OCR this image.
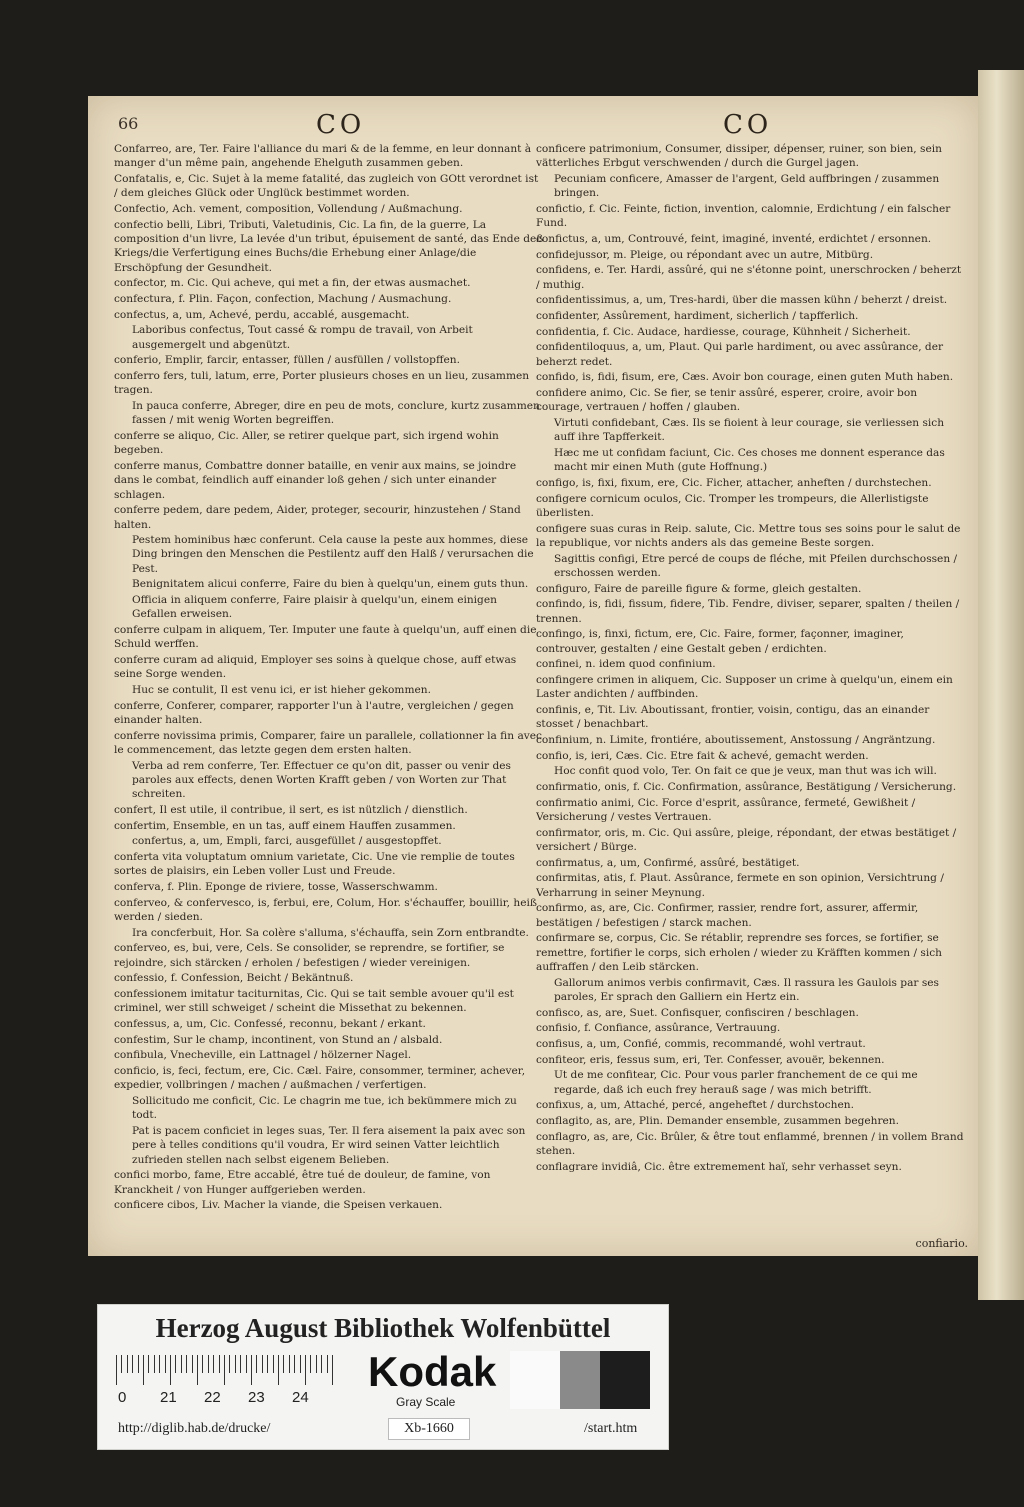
66	CO	CO

Confarreo, are, Ter. Faire l'alliance du mari & de la femme, en leur donnant à manger d'un même pain, angehende Ehelguth zusammen geben.

Confatalis, e, Cic. Sujet à la meme fatalité, das zugleich von GOtt verordnet ist / dem gleiches Glück oder Unglück bestimmet worden.

Confectio, Ach. vement, composition, Vollendung / Außmachung.

confectio belli, Libri, Tributi, Valetudinis, Cic. La fin, de la guerre, La composition d'un livre, La levée d'un tribut, épuisement de santé, das Ende deß Kriegs/die Verfertigung eines Buchs/die Erhebung einer Anlage/die Erschöpfung der Gesundheit.

confector, m. Cic. Qui acheve, qui met a fin, der etwas ausmachet.

confectura, f. Plin. Façon, confection, Machung / Ausmachung.

confectus, a, um, Achevé, perdu, accablé, ausgemacht.

Laboribus confectus, Tout cassé & rompu de travail, von Arbeit ausgemergelt und abgenützt.

conferio, Emplir, farcir, entasser, füllen / ausfüllen / vollstopffen.

conferro fers, tuli, latum, erre, Porter plusieurs choses en un lieu, zusammen tragen.

In pauca conferre, Abreger, dire en peu de mots, conclure, kurtz zusammen fassen / mit wenig Worten begreiffen.

conferre se aliquo, Cic. Aller, se retirer quelque part, sich irgend wohin begeben.

conferre manus, Combattre donner bataille, en venir aux mains, se joindre dans le combat, feindlich auff einander loß gehen / sich unter einander schlagen.

conferre pedem, dare pedem, Aider, proteger, secourir, hinzustehen / Stand halten.

Pestem hominibus hæc conferunt. Cela cause la peste aux hommes, diese Ding bringen den Menschen die Pestilentz auff den Halß / verursachen die Pest.

Benignitatem alicui conferre, Faire du bien à quelqu'un, einem guts thun.

Officia in aliquem conferre, Faire plaisir à quelqu'un, einem einigen Gefallen erweisen.

conferre culpam in aliquem, Ter. Imputer une faute à quelqu'un, auff einen die Schuld werffen.

conferre curam ad aliquid, Employer ses soins à quelque chose, auff etwas seine Sorge wenden.

Huc se contulit, Il est venu ici, er ist hieher gekommen.

conferre, Conferer, comparer, rapporter l'un à l'autre, vergleichen / gegen einander halten.

conferre novissima primis, Comparer, faire un parallele, collationner la fin avec le commencement, das letzte gegen dem ersten halten.

Verba ad rem conferre, Ter. Effectuer ce qu'on dit, passer ou venir des paroles aux effects, denen Worten Krafft geben / von Worten zur That schreiten.

confert, Il est utile, il contribue, il sert, es ist nützlich / dienstlich.

confertim, Ensemble, en un tas, auff einem Hauffen zusammen.

confertus, a, um, Empli, farci, ausgefüllet / ausgestopffet.

conferta vita voluptatum omnium varietate, Cic. Une vie remplie de toutes sortes de plaisirs, ein Leben voller Lust und Freude.

conferva, f. Plin. Eponge de riviere, tosse, Wasserschwamm.

conferveo, & confervesco, is, ferbui, ere, Colum, Hor. s'échauffer, bouillir, heiß werden / sieden.

Ira concferbuit, Hor. Sa colère s'alluma, s'échauffa, sein Zorn entbrandte.

conferveo, es, bui, vere, Cels. Se consolider, se reprendre, se fortifier, se rejoindre, sich stärcken / erholen / befestigen / wieder vereinigen.

confessio, f. Confession, Beicht / Bekäntnuß.

confessionem imitatur taciturnitas, Cic. Qui se tait semble avouer qu'il est criminel, wer still schweiget / scheint die Missethat zu bekennen.

confessus, a, um, Cic. Confessé, reconnu, bekant / erkant.

confestim, Sur le champ, incontinent, von Stund an / alsbald.

confibula, Vnecheville, ein Lattnagel / hölzerner Nagel.

conficio, is, feci, fectum, ere, Cic. Cæl. Faire, consommer, terminer, achever, expedier, vollbringen / machen / außmachen / verfertigen.

Sollicitudo me conficit, Cic. Le chagrin me tue, ich bekümmere mich zu todt.

Pat is pacem conficiet in leges suas, Ter. Il fera aisement la paix avec son pere à telles conditions qu'il voudra, Er wird seinen Vatter leichtlich zufrieden stellen nach selbst eigenem Belieben.

confici morbo, fame, Etre accablé, être tué de douleur, de famine, von Kranckheit / von Hunger auffgerieben werden.

conficere cibos, Liv. Macher la viande, die Speisen verkauen.

conficere patrimonium, Consumer, dissiper, dépenser, ruiner, son bien, sein vätterliches Erbgut verschwenden / durch die Gurgel jagen.

Pecuniam conficere, Amasser de l'argent, Geld auffbringen / zusammen bringen.

confictio, f. Cic. Feinte, fiction, invention, calomnie, Erdichtung / ein falscher Fund.

confictus, a, um, Controuvé, feint, imaginé, inventé, erdichtet / ersonnen.

confidejussor, m. Pleige, ou répondant avec un autre, Mitbürg.

confidens, e. Ter. Hardi, assûré, qui ne s'étonne point, unerschrocken / beherzt / muthig.

confidentissimus, a, um, Tres-hardi, über die massen kühn / beherzt / dreist.

confidenter, Assûrement, hardiment, sicherlich / tapfferlich.

confidentia, f. Cic. Audace, hardiesse, courage, Kühnheit / Sicherheit.

confidentiloquus, a, um, Plaut. Qui parle hardiment, ou avec assûrance, der beherzt redet.

confido, is, fidi, fisum, ere, Cæs. Avoir bon courage, einen guten Muth haben.

confidere animo, Cic. Se fier, se tenir assûré, esperer, croire, avoir bon courage, vertrauen / hoffen / glauben.

Virtuti confidebant, Cæs. Ils se fioient à leur courage, sie verliessen sich auff ihre Tapfferkeit.

Hæc me ut confidam faciunt, Cic. Ces choses me donnent esperance das macht mir einen Muth (gute Hoffnung.)

configo, is, fixi, fixum, ere, Cic. Ficher, attacher, anheften / durchstechen.

configere cornicum oculos, Cic. Tromper les trompeurs, die Allerlistigste überlisten.

configere suas curas in Reip. salute, Cic. Mettre tous ses soins pour le salut de la republique, vor nichts anders als das gemeine Beste sorgen.

Sagittis configi, Etre percé de coups de fléche, mit Pfeilen durchschossen / erschossen werden.

configuro, Faire de pareille figure & forme, gleich gestalten.

confindo, is, fidi, fissum, fidere, Tib. Fendre, diviser, separer, spalten / theilen / trennen.

confingo, is, finxi, fictum, ere, Cic. Faire, former, façonner, imaginer, controuver, gestalten / eine Gestalt geben / erdichten.

confinei, n. idem quod confinium.

confingere crimen in aliquem, Cic. Supposer un crime à quelqu'un, einem ein Laster andichten / auffbinden.

confinis, e, Tit. Liv. Aboutissant, frontier, voisin, contigu, das an einander stosset / benachbart.

confinium, n. Limite, frontiére, aboutissement, Anstossung / Angräntzung.

confio, is, ieri, Cæs. Cic. Etre fait & achevé, gemacht werden.

Hoc confit quod volo, Ter. On fait ce que je veux, man thut was ich will.

confirmatio, onis, f. Cic. Confirmation, assûrance, Bestätigung / Versicherung.

confirmatio animi, Cic. Force d'esprit, assûrance, fermeté, Gewißheit / Versicherung / vestes Vertrauen.

confirmator, oris, m. Cic. Qui assûre, pleige, répondant, der etwas bestätiget / versichert / Bürge.

confirmatus, a, um, Confirmé, assûré, bestätiget.

confirmitas, atis, f. Plaut. Assûrance, fermete en son opinion, Versichtrung / Verharrung in seiner Meynung.

confirmo, as, are, Cic. Confirmer, rassier, rendre fort, assurer, affermir, bestätigen / befestigen / starck machen.

confirmare se, corpus, Cic. Se rétablir, reprendre ses forces, se fortifier, se remettre, fortifier le corps, sich erholen / wieder zu Kräfften kommen / sich auffraffen / den Leib stärcken.

Gallorum animos verbis confirmavit, Cæs. Il rassura les Gaulois par ses paroles, Er sprach den Galliern ein Hertz ein.

confisco, as, are, Suet. Confisquer, confisciren / beschlagen.

confisio, f. Confiance, assûrance, Vertrauung.

confisus, a, um, Confié, commis, recommandé, wohl vertraut.

confiteor, eris, fessus sum, eri, Ter. Confesser, avouër, bekennen.

Ut de me confitear, Cic. Pour vous parler franchement de ce qui me regarde, daß ich euch frey herauß sage / was mich betrifft.

confixus, a, um, Attaché, percé, angeheftet / durchstochen.

conflagito, as, are, Plin. Demander ensemble, zusammen begehren.

conflagro, as, are, Cic. Brûler, & être tout enflammé, brennen / in vollem Brand stehen.

conflagrare invidiâ, Cic. être extremement haï, sehr verhasset seyn.

confiario.
Herzog August Bibliothek Wolfenbüttel
0 21 22 23 24
Kodak
Gray Scale
http://diglib.hab.de/drucke/	Xb-1660	/start.htm
